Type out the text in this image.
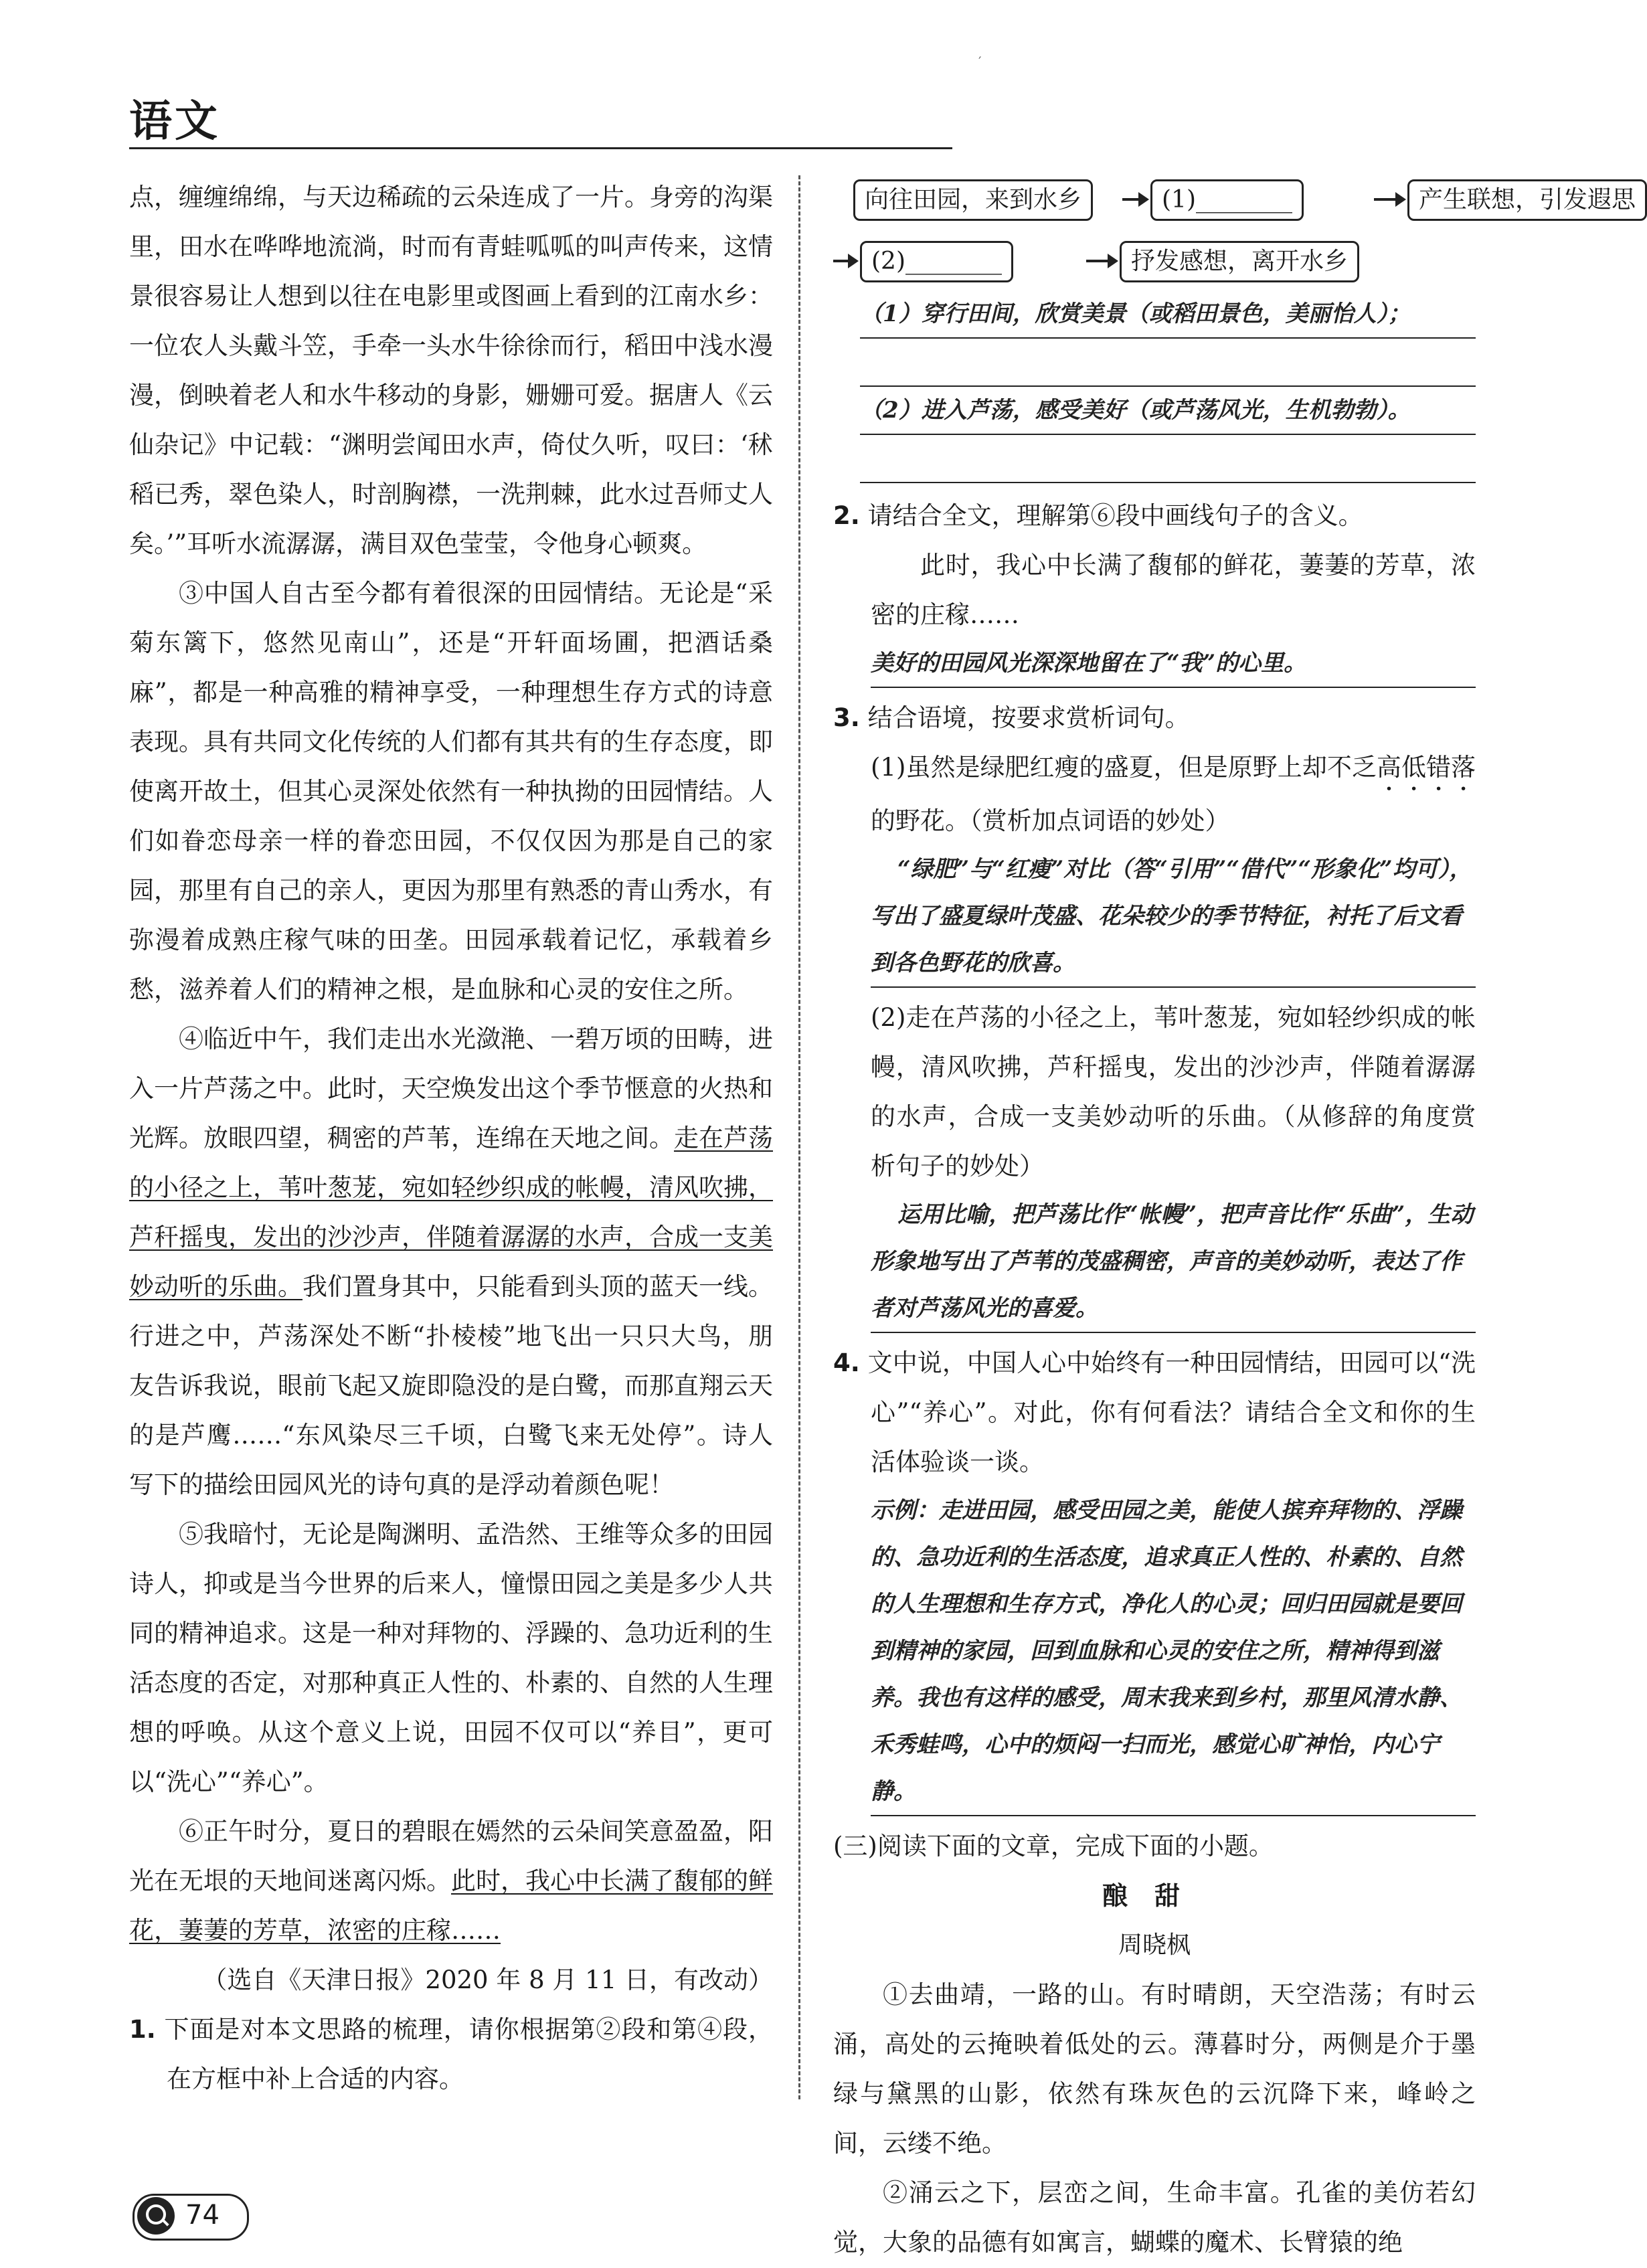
′
语文

点，缠缠绵绵，与天边稀疏的云朵连成了一片。身旁的沟渠里，田水在哗哗地流淌，时而有青蛙呱呱的叫声传来，这情景很容易让人想到以往在电影里或图画上看到的江南水乡：一位农人头戴斗笠，手牵一头水牛徐徐而行，稻田中浅水漫漫，倒映着老人和水牛移动的身影，姗姗可爱。据唐人《云仙杂记》中记载：“渊明尝闻田水声，倚仗久听，叹曰：‘秫稻已秀，翠色染人，时剖胸襟，一洗荆棘，此水过吾师丈人矣。’”耳听水流潺潺，满目双色莹莹，令他身心顿爽。

③中国人自古至今都有着很深的田园情结。无论是“采菊东篱下，悠然见南山”，还是“开轩面场圃，把酒话桑麻”，都是一种高雅的精神享受，一种理想生存方式的诗意表现。具有共同文化传统的人们都有其共有的生存态度，即使离开故土，但其心灵深处依然有一种执拗的田园情结。人们如眷恋母亲一样的眷恋田园，不仅仅因为那是自己的家园，那里有自己的亲人，更因为那里有熟悉的青山秀水，有弥漫着成熟庄稼气味的田垄。田园承载着记忆，承载着乡愁，滋养着人们的精神之根，是血脉和心灵的安住之所。

④临近中午，我们走出水光潋滟、一碧万顷的田畴，进入一片芦荡之中。此时，天空焕发出这个季节惬意的火热和光辉。放眼四望，稠密的芦苇，连绵在天地之间。走在芦荡的小径之上，苇叶葱茏，宛如轻纱织成的帐幔，清风吹拂，芦秆摇曳，发出的沙沙声，伴随着潺潺的水声，合成一支美妙动听的乐曲。我们置身其中，只能看到头顶的蓝天一线。行进之中，芦荡深处不断“扑棱棱”地飞出一只只大鸟，朋友告诉我说，眼前飞起又旋即隐没的是白鹭，而那直翔云天的是芦鹰……“东风染尽三千顷，白鹭飞来无处停”。诗人写下的描绘田园风光的诗句真的是浮动着颜色呢！

⑤我暗忖，无论是陶渊明、孟浩然、王维等众多的田园诗人，抑或是当今世界的后来人，憧憬田园之美是多少人共同的精神追求。这是一种对拜物的、浮躁的、急功近利的生活态度的否定，对那种真正人性的、朴素的、自然的人生理想的呼唤。从这个意义上说，田园不仅可以“养目”，更可以“洗心”“养心”。

⑥正午时分，夏日的碧眼在嫣然的云朵间笑意盈盈，阳光在无垠的天地间迷离闪烁。此时，我心中长满了馥郁的鲜花，萋萋的芳草，浓密的庄稼……

（选自《天津日报》2020 年 8 月 11 日，有改动）

1. 下面是对本文思路的梳理，请你根据第②段和第④段，在方框中补上合适的内容。

向往田园，来到水乡	(1)________	产生联想，引发遐思
(2)________	抒发感想，离开水乡
（1）穿行田间，欣赏美景（或稻田景色，美丽怡人）；
（2）进入芦荡，感受美好（或芦荡风光，生机勃勃）。

2. 请结合全文，理解第⑥段中画线句子的含义。

此时，我心中长满了馥郁的鲜花，萋萋的芳草，浓密的庄稼……

美好的田园风光深深地留在了“我”的心里。

3. 结合语境，按要求赏析词句。

(1)虽然是绿肥红瘦的盛夏，但是原野上却不乏高低错落的野花。（赏析加点词语的妙处）

“绿肥”与“红瘦”对比（答“引用”“借代”“形象化”均可），写出了盛夏绿叶茂盛、花朵较少的季节特征，衬托了后文看到各色野花的欣喜。

(2)走在芦荡的小径之上，苇叶葱茏，宛如轻纱织成的帐幔，清风吹拂，芦秆摇曳，发出的沙沙声，伴随着潺潺的水声，合成一支美妙动听的乐曲。（从修辞的角度赏析句子的妙处）

运用比喻，把芦荡比作“帐幔”，把声音比作“乐曲”，生动形象地写出了芦苇的茂盛稠密，声音的美妙动听，表达了作者对芦荡风光的喜爱。

4. 文中说，中国人心中始终有一种田园情结，田园可以“洗心”“养心”。对此，你有何看法？请结合全文和你的生活体验谈一谈。

示例：走进田园，感受田园之美，能使人摈弃拜物的、浮躁的、急功近利的生活态度，追求真正人性的、朴素的、自然的人生理想和生存方式，净化人的心灵；回归田园就是要回到精神的家园，回到血脉和心灵的安住之所，精神得到滋养。我也有这样的感受，周末我来到乡村，那里风清水静、禾秀蛙鸣，心中的烦闷一扫而光，感觉心旷神怡，内心宁静。

(三)阅读下面的文章，完成下面的小题。

酿甜
周晓枫

①去曲靖，一路的山。有时晴朗，天空浩荡；有时云涌，高处的云掩映着低处的云。薄暮时分，两侧是介于墨绿与黛黑的山影，依然有珠灰色的云沉降下来，峰岭之间，云缕不绝。

②涌云之下，层峦之间，生命丰富。孔雀的美仿若幻觉，大象的品德有如寓言，蝴蝶的魔术、长臂猿的绝

74
